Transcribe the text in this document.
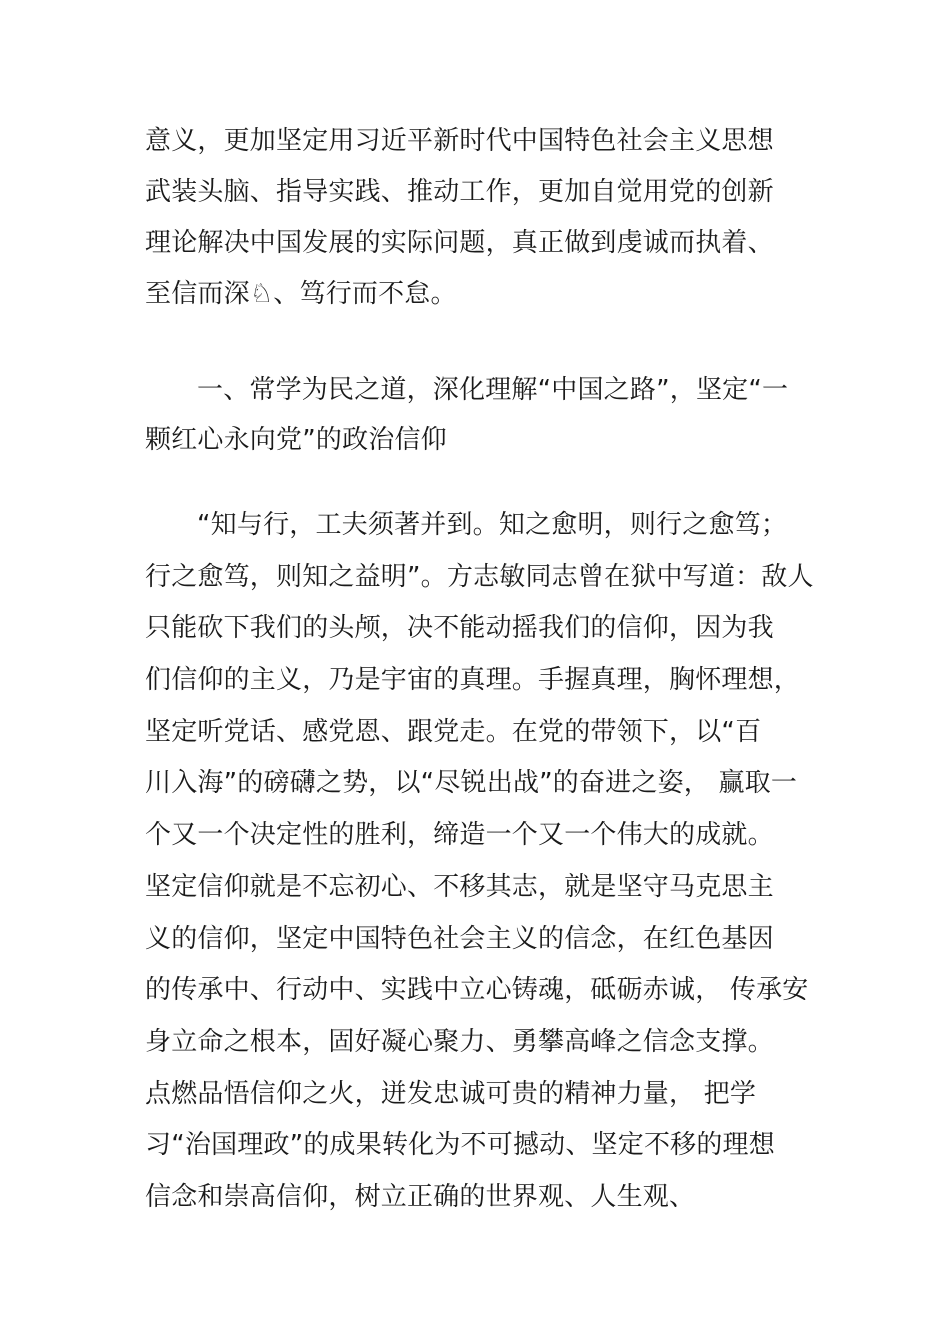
意义，更加坚定用习近平新时代中国特色社会主义思想
武装头脑、指导实践、推动工作，更加自觉用党的创新
理论解决中国发展的实际问题，真正做到虔诚而执着、
至信而深♘、笃行而不怠。
一、常学为民之道，深化理解“中国之路”，坚定“一
颗红心永向党”的政治信仰
“知与行，工夫须著并到。知之愈明，则行之愈笃；
行之愈笃，则知之益明”。方志敏同志曾在狱中写道：敌人
只能砍下我们的头颅，决不能动摇我们的信仰，因为我
们信仰的主义，乃是宇宙的真理。手握真理，胸怀理想，
坚定听党话、感党恩、跟党走。在党的带领下，以“百
川入海”的磅礴之势，以“尽锐出战”的奋进之姿， 赢取一
个又一个决定性的胜利，缔造一个又一个伟大的成就。
坚定信仰就是不忘初心、不移其志，就是坚守马克思主
义的信仰，坚定中国特色社会主义的信念，在红色基因
的传承中、行动中、实践中立心铸魂，砥砺赤诚， 传承安
身立命之根本，固好凝心聚力、勇攀高峰之信念支撑。
点燃品悟信仰之火，迸发忠诚可贵的精神力量， 把学
习“治国理政”的成果转化为不可撼动、坚定不移的理想
信念和崇高信仰，树立正确的世界观、人生观、
